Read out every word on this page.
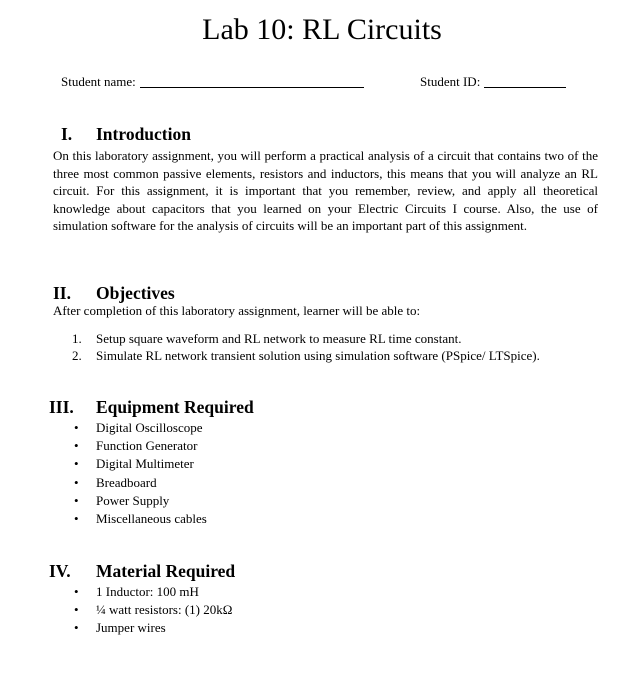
Lab 10: RL Circuits
Student name:	Student ID:
I. Introduction

On this laboratory assignment, you will perform a practical analysis of a circuit that contains two of the three most common passive elements, resistors and inductors, this means that you will analyze an RL circuit. For this assignment, it is important that you remember, review, and apply all theoretical knowledge about capacitors that you learned on your Electric Circuits I course. Also, the use of simulation software for the analysis of circuits will be an important part of this assignment.

II. Objectives

After completion of this laboratory assignment, learner will be able to:

1. Setup square waveform and RL network to measure RL time constant.
2. Simulate RL network transient solution using simulation software (PSpice/ LTSpice).
III. Equipment Required
• Digital Oscilloscope
• Function Generator
• Digital Multimeter
• Breadboard
• Power Supply
• Miscellaneous cables
IV. Material Required
• 1 Inductor: 100 mH
• ¼ watt resistors: (1) 20kΩ
• Jumper wires
